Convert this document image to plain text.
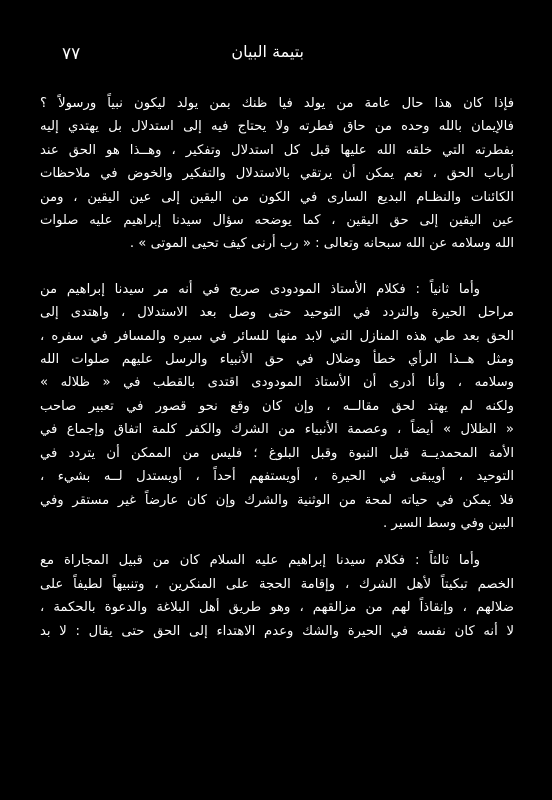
٧٧	بتيمة البيان

فإذا كان هذا حال عامة من يولد فيا ظنك بمن يولد ليكون نبياً ورسولاً ؟
فالإيمان بالله وحده من حاق فطرته ولا يحتاج فيه إلى استدلال بل يهتدي إليه
بفطرته التي خلقه الله عليها قبل كل استدلال وتفكير ، وهــذا هو الحق عند
أرباب الحق ، نعم يمكن أن يرتقي بالاستدلال والتفكير والخوض في ملاحظات
الكائنات والنظـام البديع السارى في الكون من اليقين إلى عين اليقين ، ومن
عين اليقين إلى حق اليقين ، كما يوضحه سؤال سيدنا إبراهيم عليه صلوات
الله وسلامه عن الله سبحانه وتعالى : « رب أرنى كيف تحيى الموتى » .

وأما ثانياً : فكلام الأستاذ المودودى صريح في أنه مر سيدنا إبراهيم من
مراحل الحيرة والتردد في التوحيد حتى وصل بعد الاستدلال ، واهتدى إلى
الحق بعد طي هذه المنازل التي لابد منها للسائر في سيره والمسافر في سفره ،
ومثل هــذا الرأي خطأ وضلال في حق الأنبياء والرسل عليهم صلوات الله
وسلامه ، وأنا أدرى أن الأستاذ المودودى اقتدى بالقطب في « ظلاله »
ولكنه لم يهتد لحق مقالــه ، وإن كان وقع نحو قصور في تعبير صاحب
« الظلال » أيضاً ، وعصمة الأنبياء من الشرك والكفر كلمة اتفاق وإجماع في
الأمة المحمديــة قبل النبوة وقبل البلوغ ؛ فليس من الممكن أن يتردد في
التوحيد ، أويبقى في الحيرة ، أويستفهم أحداً ، أويستدل لــه بشيء ،
فلا يمكن في حياته لمحة من الوثنية والشرك وإن كان عارضاً غير مستقر وفي
البين وفي وسط السير .

وأما ثالثاً : فكلام سيدنا إبراهيم عليه السلام كان من قبيل المجاراة مع
الخصم تبكيتاً لأهل الشرك ، وإقامة الحجة على المنكرين ، وتنبيهاً لطيفاً على
ضلالهم ، وإنقاذاً لهم من مزالقهم ، وهو طريق أهل البلاغة والدعوة بالحكمة ،
لا أنه كان نفسه في الحيرة والشك وعدم الاهتداء إلى الحق حتى يقال : لا بد
